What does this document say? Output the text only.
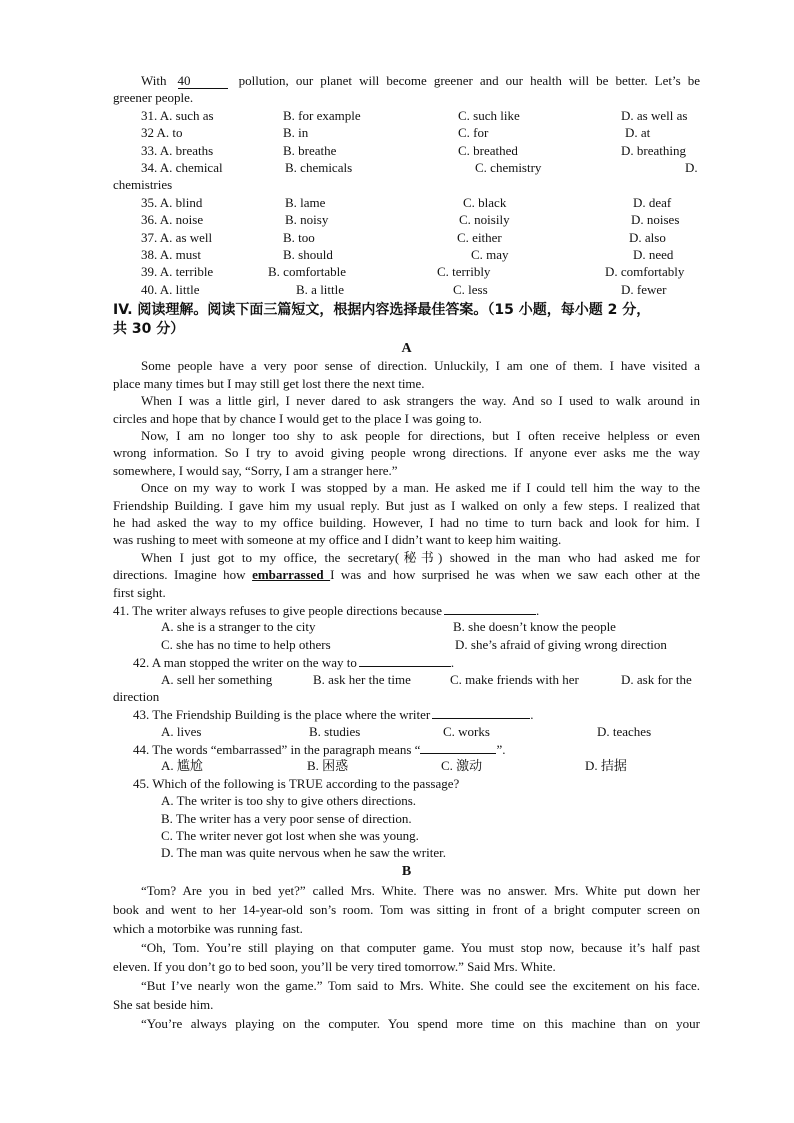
With 40	pollution, our planet will become greener and our health will be better. Let’s be
greener people.
31. A. such as	B. for example	C. such like	D. as well as
32 A. to	B. in	C. for	D. at
33. A. breaths	B. breathe	C. breathed	D. breathing
34. A. chemical	B. chemicals	C. chemistry	D.
chemistries
35. A. blind	B. lame	C. black	D. deaf
36. A. noise	B. noisy	C. noisily	D. noises
37. A. as well	B. too	C. either	D. also
38. A. must	B. should	C. may	D. need
39. A. terrible	B. comfortable	C. terribly	D. comfortably
40. A. little	B. a little	C. less	D. fewer
IV. 阅读理解。阅读下面三篇短文，根据内容选择最佳答案。（15 小题，每小题 2 分，
共 30 分）
A
Some people have a very poor sense of direction. Unluckily, I am one of them. I have visited a
place many times but I may still get lost there the next time.
When I was a little girl, I never dared to ask strangers the way. And so I used to walk around in
circles and hope that by chance I would get to the place I was going to.
Now, I am no longer too shy to ask people for directions, but I often receive helpless or even
wrong information. So I try to avoid giving people wrong directions. If anyone ever asks me the way
somewhere, I would say, “Sorry, I am a stranger here.”
Once on my way to work I was stopped by a man. He asked me if I could tell him the way to the
Friendship Building. I gave him my usual reply. But just as I walked on only a few steps. I realized that
he had asked the way to my office building. However, I had no time to turn back and look for him. I
was rushing to meet with someone at my office and I didn’t want to keep him waiting.
When I just got to my office, the secretary(秘书) showed in the man who had asked me for
directions. Imagine how embarrassed I was and how surprised he was when we saw each other at the
first sight.
41. The writer always refuses to give people directions because	.
A. she is a stranger to the city	B. she doesn’t know the people
C. she has no time to help others	D. she’s afraid of giving wrong direction
42. A man stopped the writer on the way to	.
A. sell her something	B. ask her the time	C. make friends with her	D. ask for the
direction
43. The Friendship Building is the place where the writer	.
A. lives	B. studies	C. works	D. teaches
44. The words “embarrassed” in the paragraph means “	”.
A. 尴尬	B. 困惑	C. 激动	D. 拮据
45. Which of the following is TRUE according to the passage?
A. The writer is too shy to give others directions.
B. The writer has a very poor sense of direction.
C. The writer never got lost when she was young.
D. The man was quite nervous when he saw the writer.
B
“Tom? Are you in bed yet?” called Mrs. White. There was no answer. Mrs. White put down her
book and went to her 14-year-old son’s room. Tom was sitting in front of a bright computer screen on
which a motorbike was running fast.
“Oh, Tom. You’re still playing on that computer game. You must stop now, because it’s half past
eleven. If you don’t go to bed soon, you’ll be very tired tomorrow.” Said Mrs. White.
“But I’ve nearly won the game.” Tom said to Mrs. White. She could see the excitement on his face.
She sat beside him.
“You’re always playing on the computer. You spend more time on this machine than on your
